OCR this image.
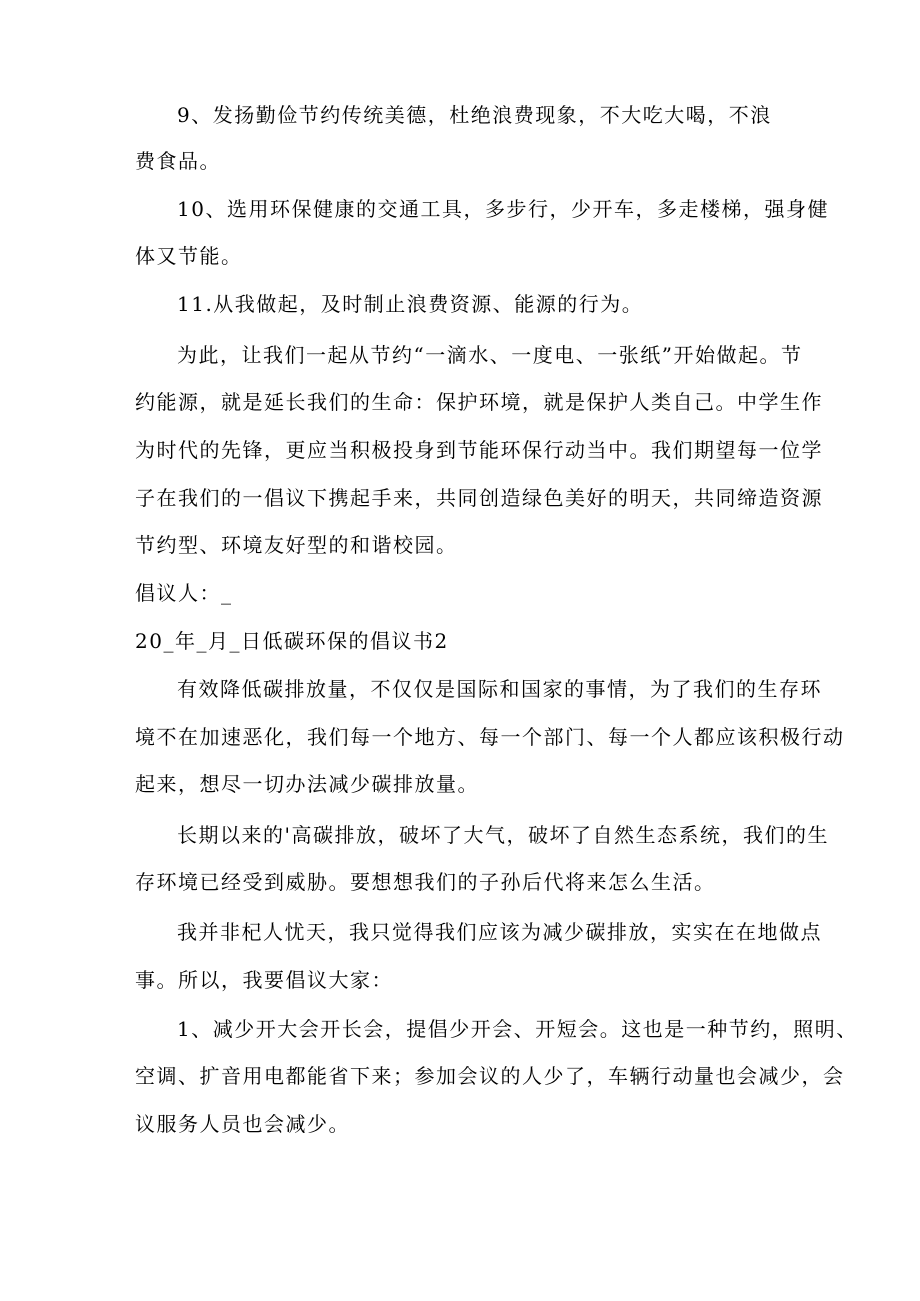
9、发扬勤俭节约传统美德，杜绝浪费现象，不大吃大喝，不浪
费食品。
10、选用环保健康的交通工具，多步行，少开车，多走楼梯，强身健
体又节能。
11.从我做起，及时制止浪费资源、能源的行为。
为此，让我们一起从节约“一滴水、一度电、一张纸”开始做起。节
约能源，就是延长我们的生命：保护环境，就是保护人类自己。中学生作
为时代的先锋，更应当积极投身到节能环保行动当中。我们期望每一位学
子在我们的一倡议下携起手来，共同创造绿色美好的明天，共同缔造资源
节约型、环境友好型的和谐校园。
倡议人：_
20_年_月_日低碳环保的倡议书2
有效降低碳排放量，不仅仅是国际和国家的事情，为了我们的生存环
境不在加速恶化，我们每一个地方、每一个部门、每一个人都应该积极行动
起来，想尽一切办法减少碳排放量。
长期以来的'高碳排放，破坏了大气，破坏了自然生态系统，我们的生
存环境已经受到威胁。要想想我们的子孙后代将来怎么生活。
我并非杞人忧天，我只觉得我们应该为减少碳排放，实实在在地做点
事。所以，我要倡议大家：
1、减少开大会开长会，提倡少开会、开短会。这也是一种节约，照明、
空调、扩音用电都能省下来；参加会议的人少了，车辆行动量也会减少，会
议服务人员也会减少。
